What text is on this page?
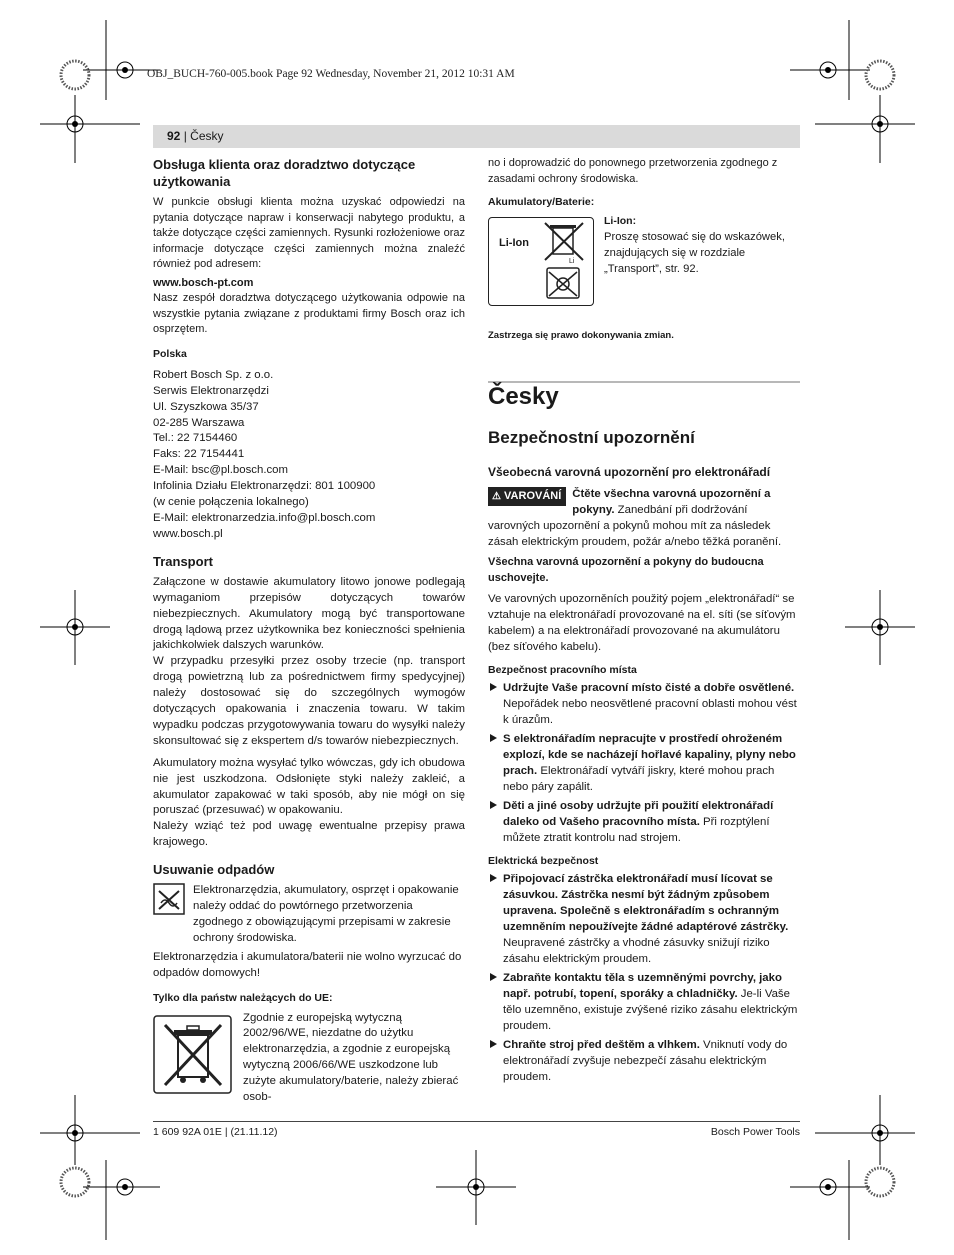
OBJ_BUCH-760-005.book Page 92 Wednesday, November 21, 2012 10:31 AM
92 | Česky
Obsługa klienta oraz doradztwo dotyczące użytkowania

W punkcie obsługi klienta można uzyskać odpowiedzi na pytania dotyczące napraw i konserwacji nabytego produktu, a także dotyczące części zamiennych. Rysunki rozłożeniowe oraz informacje dotyczące części zamiennych można znaleźć również pod adresem:

www.bosch-pt.com

Nasz zespół doradztwa dotyczącego użytkowania odpowie na wszystkie pytania związane z produktami firmy Bosch oraz ich osprzętem.

Polska
Robert Bosch Sp. z o.o.
Serwis Elektronarzędzi
Ul. Szyszkowa 35/37
02-285 Warszawa
Tel.: 22 7154460
Faks: 22 7154441
E-Mail: bsc@pl.bosch.com
Infolinia Działu Elektronarzędzi: 801 100900
(w cenie połączenia lokalnego)
E-Mail: elektronarzedzia.info@pl.bosch.com
www.bosch.pl
Transport

Załączone w dostawie akumulatory litowo jonowe podlegają wymaganiom przepisów dotyczących towarów niebezpiecznych. Akumulatory mogą być transportowane drogą lądową przez użytkownika bez konieczności spełnienia jakichkolwiek dalszych warunków.

W przypadku przesyłki przez osoby trzecie (np. transport drogą powietrzną lub za pośrednictwem firmy spedycyjnej) należy dostosować się do szczególnych wymogów dotyczących opakowania i znaczenia towaru. W takim wypadku podczas przygotowywania towaru do wysyłki należy skonsultować się z ekspertem d/s towarów niebezpiecznych.

Akumulatory można wysyłać tylko wówczas, gdy ich obudowa nie jest uszkodzona. Odsłonięte styki należy zakleić, a akumulator zapakować w taki sposób, aby nie mógł on się poruszać (przesuwać) w opakowaniu.

Należy wziąć też pod uwagę ewentualne przepisy prawa krajowego.

Usuwanie odpadów

Elektronarzędzia, akumulatory, osprzęt i opakowanie należy oddać do powtórnego przetworzenia zgodnego z obowiązującymi przepisami w zakresie ochrony środowiska.

Elektronarzędzia i akumulatora/baterii nie wolno wyrzucać do odpadów domowych!

Tylko dla państw należących do UE:

Zgodnie z europejską wytyczną 2002/96/WE, niezdatne do użytku elektronarzędzia, a zgodnie z europejską wytyczną 2006/66/WE uszkodzone lub zużyte akumulatory/baterie, należy zbierać osob-

no i doprowadzić do ponownego przetworzenia zgodnego z zasadami ochrony środowiska.

Akumulatory/Baterie:
Li-Ion
Li
Li-Ion:
Proszę stosować się do wskazówek, znajdujących się w rozdziale „Transport”, str. 92.
Zastrzega się prawo dokonywania zmian.
Česky
Bezpečnostní upozornění
Všeobecná varovná upozornění pro elektronářadí

⚠ VAROVÁNÍ Čtěte všechna varovná upozornění a pokyny. Zanedbání při dodržování varovných upozornění a pokynů mohou mít za následek zásah elektrickým proudem, požár a/nebo těžká poranění.

Všechna varovná upozornění a pokyny do budoucna uschovejte.

Ve varovných upozorněních použitý pojem „elektronářadí“ se vztahuje na elektronářadí provozované na el. síti (se síťovým kabelem) a na elektronářadí provozované na akumulátoru (bez síťového kabelu).

Bezpečnost pracovního místa
Udržujte Vaše pracovní místo čisté a dobře osvětlené. Nepořádek nebo neosvětlené pracovní oblasti mohou vést k úrazům.
S elektronářadím nepracujte v prostředí ohroženém explozí, kde se nacházejí hořlavé kapaliny, plyny nebo prach. Elektronářadí vytváří jiskry, které mohou prach nebo páry zapálit.
Děti a jiné osoby udržujte při použití elektronářadí daleko od Vašeho pracovního místa. Při rozptýlení můžete ztratit kontrolu nad strojem.
Elektrická bezpečnost
Připojovací zástrčka elektronářadí musí lícovat se zásuvkou. Zástrčka nesmí být žádným způsobem upravena. Společně s elektronářadím s ochranným uzemněním nepoužívejte žádné adaptérové zástrčky. Neupravené zástrčky a vhodné zásuvky snižují riziko zásahu elektrickým proudem.
Zabraňte kontaktu těla s uzemněnými povrchy, jako např. potrubí, topení, sporáky a chladničky. Je-li Vaše tělo uzemněno, existuje zvýšené riziko zásahu elektrickým proudem.
Chraňte stroj před deštěm a vlhkem. Vniknutí vody do elektronářadí zvyšuje nebezpečí zásahu elektrickým proudem.
1 609 92A 01E | (21.11.12)	Bosch Power Tools
